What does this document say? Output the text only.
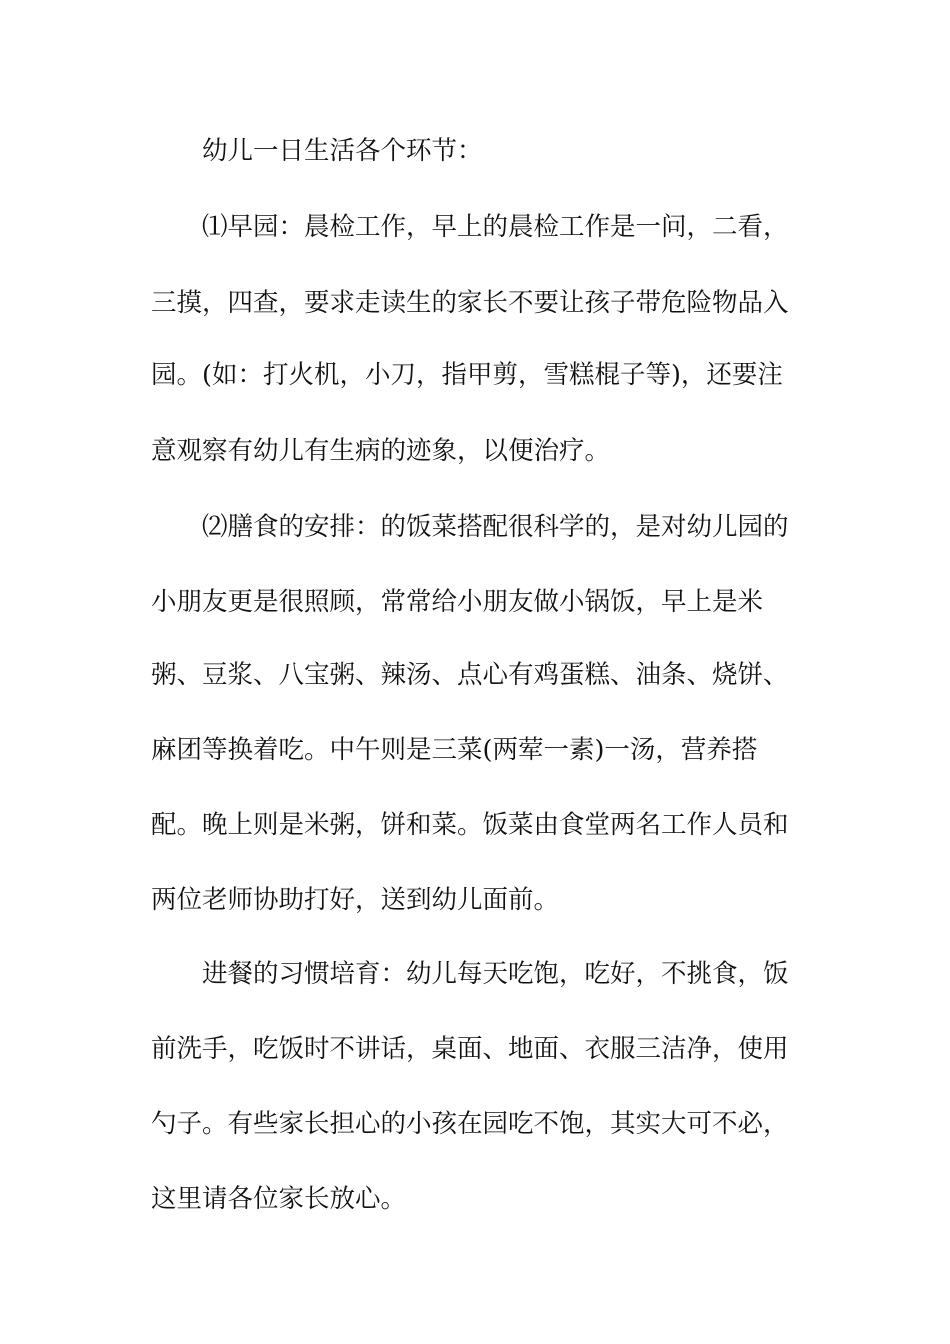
幼儿一日生活各个环节：
⑴早园：晨检工作，早上的晨检工作是一问，二看，
三摸，四查，要求走读生的家长不要让孩子带危险物品入
园。(如：打火机，小刀，指甲剪，雪糕棍子等)，还要注
意观察有幼儿有生病的迹象，以便治疗。
⑵膳食的安排：的饭菜搭配很科学的，是对幼儿园的
小朋友更是很照顾，常常给小朋友做小锅饭，早上是米
粥、豆浆、八宝粥、辣汤、点心有鸡蛋糕、油条、烧饼、
麻团等换着吃。中午则是三菜(两荤一素)一汤，营养搭
配。晚上则是米粥，饼和菜。饭菜由食堂两名工作人员和
两位老师协助打好，送到幼儿面前。
进餐的习惯培育：幼儿每天吃饱，吃好，不挑食，饭
前洗手，吃饭时不讲话，桌面、地面、衣服三洁净，使用
勺子。有些家长担心的小孩在园吃不饱，其实大可不必，
这里请各位家长放心。
